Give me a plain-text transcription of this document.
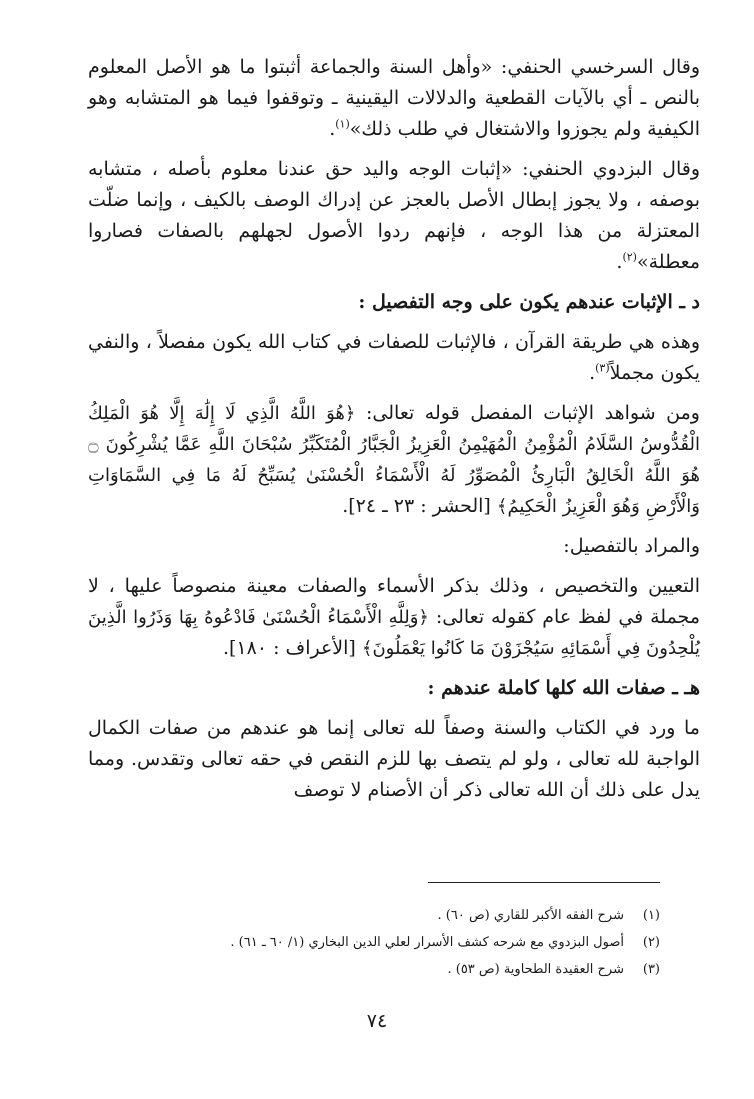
وقال السرخسي الحنفي: «وأهل السنة والجماعة أثبتوا ما هو الأصل المعلوم بالنص ـ أي بالآيات القطعية والدلالات اليقينية ـ وتوقفوا فيما هو المتشابه وهو الكيفية ولم يجوزوا والاشتغال في طلب ذلك»$^{(١)}$.

وقال البزدوي الحنفي: «إثبات الوجه واليد حق عندنا معلوم بأصله ، متشابه بوصفه ، ولا يجوز إبطال الأصل بالعجز عن إدراك الوصف بالكيف ، وإنما ضلّت المعتزلة من هذا الوجه ، فإنهم ردوا الأصول لجهلهم بالصفات فصاروا معطلة»$^{(٢)}$.

د ـ الإثبات عندهم يكون على وجه التفصيل :

وهذه هي طريقة القرآن ، فالإثبات للصفات في كتاب الله يكون مفصلاً ، والنفي يكون مجملاً$^{(٣)}$.

ومن شواهد الإثبات المفصل قوله تعالى: ﴿هُوَ اللَّهُ الَّذِي لَا إِلَٰهَ إِلَّا هُوَ الْمَلِكُ الْقُدُّوسُ السَّلَامُ الْمُؤْمِنُ الْمُهَيْمِنُ الْعَزِيزُ الْجَبَّارُ الْمُتَكَبِّرُ سُبْحَانَ اللَّهِ عَمَّا يُشْرِكُونَ ۝ هُوَ اللَّهُ الْخَالِقُ الْبَارِئُ الْمُصَوِّرُ لَهُ الْأَسْمَاءُ الْحُسْنَىٰ يُسَبِّحُ لَهُ مَا فِي السَّمَاوَاتِ وَالْأَرْضِ وَهُوَ الْعَزِيزُ الْحَكِيمُ﴾ [الحشر : ٢٣ ـ ٢٤].

والمراد بالتفصيل:

التعيين والتخصيص ، وذلك بذكر الأسماء والصفات معينة منصوصاً عليها ، لا مجملة في لفظ عام كقوله تعالى: ﴿وَلِلَّهِ الْأَسْمَاءُ الْحُسْنَىٰ فَادْعُوهُ بِهَا وَذَرُوا الَّذِينَ يُلْحِدُونَ فِي أَسْمَائِهِ سَيُجْزَوْنَ مَا كَانُوا يَعْمَلُونَ﴾ [الأعراف : ١٨٠].

هـ ـ صفات الله كلها كاملة عندهم :

ما ورد في الكتاب والسنة وصفاً لله تعالى إنما هو عندهم من صفات الكمال الواجبة لله تعالى ، ولو لم يتصف بها للزم النقص في حقه تعالى وتقدس. ومما يدل على ذلك أن الله تعالى ذكر أن الأصنام لا توصف

(١)
شرح الفقه الأكبر للقاري (ص ٦٠) .
(٢)
أصول البزدوي مع شرحه كشف الأسرار لعلي الدين البخاري (١/ ٦٠ ـ ٦١) .
(٣)
شرح العقيدة الطحاوية (ص ٥٣) .
٧٤
